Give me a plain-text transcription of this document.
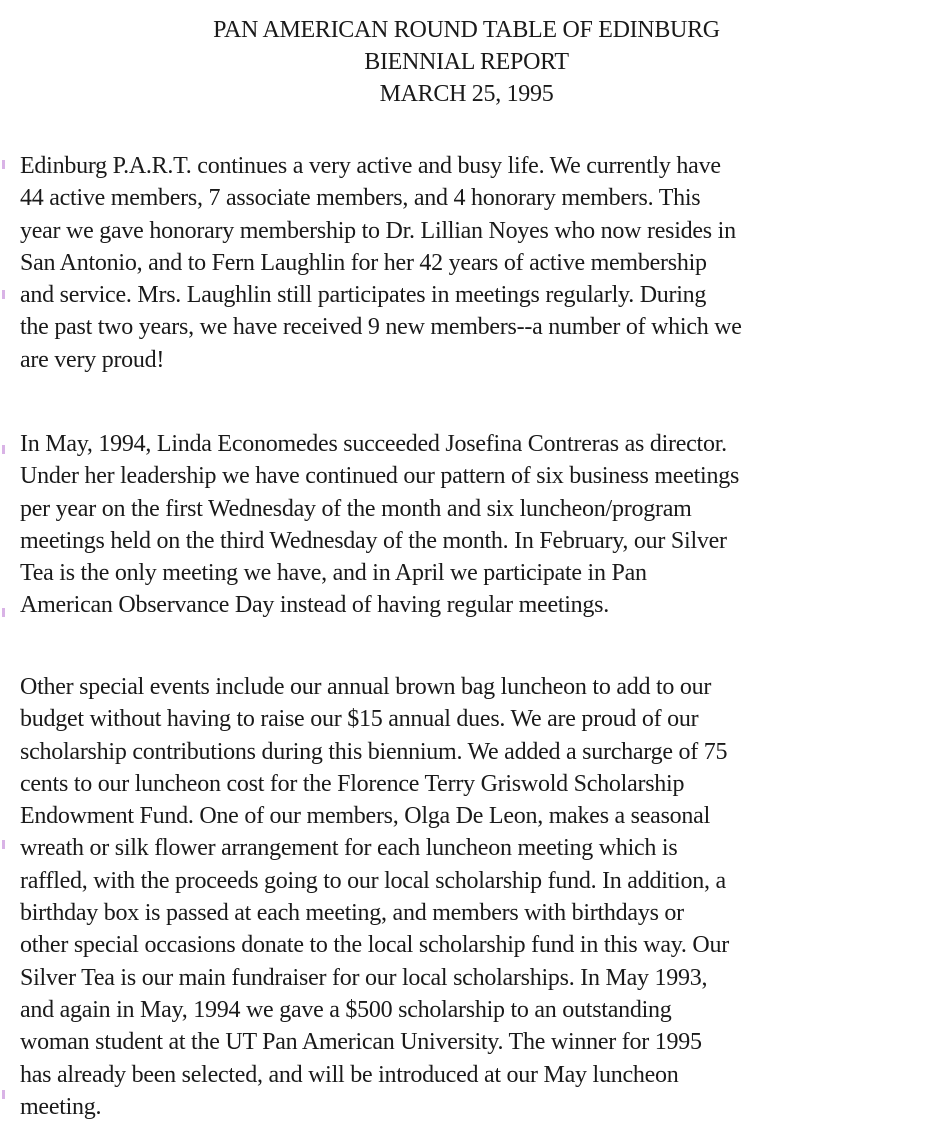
PAN AMERICAN ROUND TABLE OF EDINBURG
BIENNIAL REPORT
MARCH 25, 1995
Edinburg P.A.R.T. continues a very active and busy life. We currently have
44 active members, 7 associate members, and 4 honorary members. This
year we gave honorary membership to Dr. Lillian Noyes who now resides in
San Antonio, and to Fern Laughlin for her 42 years of active membership
and service. Mrs. Laughlin still participates in meetings regularly. During
the past two years, we have received 9 new members--a number of which we
are very proud!
In May, 1994, Linda Economedes succeeded Josefina Contreras as director.
Under her leadership we have continued our pattern of six business meetings
per year on the first Wednesday of the month and six luncheon/program
meetings held on the third Wednesday of the month. In February, our Silver
Tea is the only meeting we have, and in April we participate in Pan
American Observance Day instead of having regular meetings.
Other special events include our annual brown bag luncheon to add to our
budget without having to raise our $15 annual dues. We are proud of our
scholarship contributions during this biennium. We added a surcharge of 75
cents to our luncheon cost for the Florence Terry Griswold Scholarship
Endowment Fund. One of our members, Olga De Leon, makes a seasonal
wreath or silk flower arrangement for each luncheon meeting which is
raffled, with the proceeds going to our local scholarship fund. In addition, a
birthday box is passed at each meeting, and members with birthdays or
other special occasions donate to the local scholarship fund in this way. Our
Silver Tea is our main fundraiser for our local scholarships. In May 1993,
and again in May, 1994 we gave a $500 scholarship to an outstanding
woman student at the UT Pan American University. The winner for 1995
has already been selected, and will be introduced at our May luncheon
meeting.
